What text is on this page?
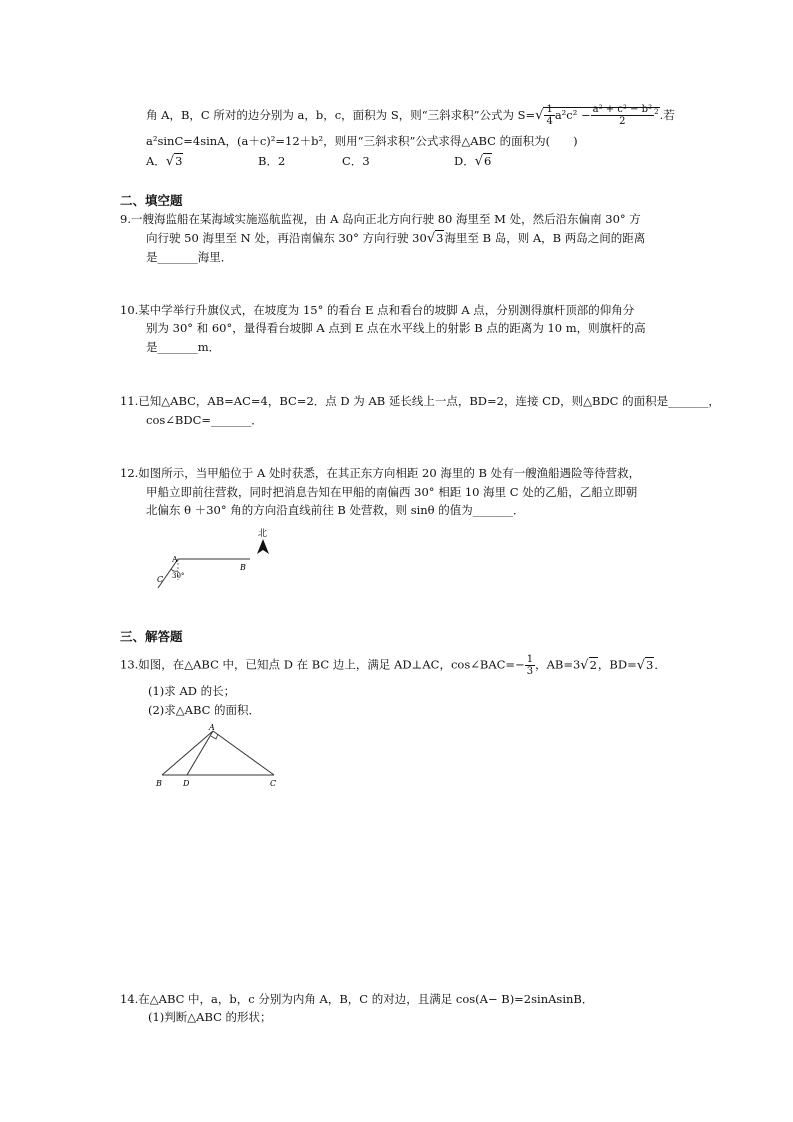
角 A，B，C 所对的边分别为 a，b，c，面积为 S，则“三斜求积”公式为 $S=√ \frac{1}{4} a^2c^2 - \frac{\text{a² + c² − b²}}{2} ^2$.若
a²sinC=4sinA，(a＋c)²=12＋b²，则用“三斜求积”公式求得△ABC 的面积为(　　)
A．√3	B．2	C．3	D．√6
二、填空题
9.一艘海监船在某海域实施巡航监视，由 A 岛向正北方向行驶 80 海里至 M 处，然后沿东偏南 30° 方
向行驶 50 海里至 N 处，再沿南偏东 30° 方向行驶 30√3海里至 B 岛，则 A，B 两岛之间的距离
是_______海里．
10.某中学举行升旗仪式，在坡度为 15° 的看台 E 点和看台的坡脚 A 点，分别测得旗杆顶部的仰角分
别为 30° 和 60°，量得看台坡脚 A 点到 E 点在水平线上的射影 B 点的距离为 10 m，则旗杆的高
是_______m．
11.已知△ABC，AB=AC=4，BC=2．点 D 为 AB 延长线上一点，BD=2，连接 CD，则△BDC 的面积是_______，
cos∠BDC=_______．
12.如图所示，当甲船位于 A 处时获悉，在其正东方向相距 20 海里的 B 处有一艘渔船遇险等待营救，
甲船立即前往营救，同时把消息告知在甲船的南偏西 30° 相距 10 海里 C 处的乙船，乙船立即朝
北偏东 θ ＋30° 角的方向沿直线前往 B 处营救，则 sinθ 的值为_______．
A
B
C 30°
北
三、解答题
13.如图，在△ABC 中，已知点 D 在 BC 边上，满足 AD⊥AC，cos∠BAC=− $\frac{1}{3}$ ，AB=3√2，BD=√3．
(1)求 AD 的长；
(2)求△ABC 的面积．
A
B	D	C
14.在△ABC 中，a，b，c 分别为内角 A，B，C 的对边，且满足 cos(A− B)=2sinAsinB．
(1)判断△ABC 的形状；
